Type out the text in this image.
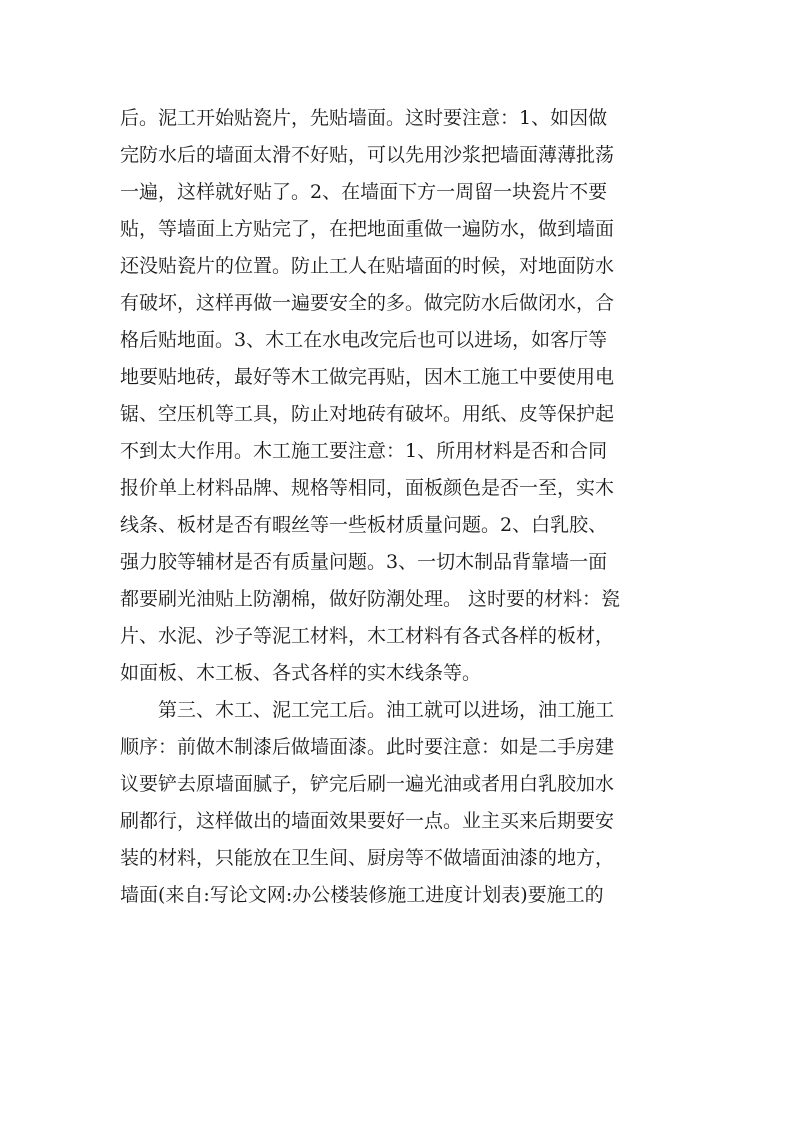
后。泥工开始贴瓷片，先贴墙面。这时要注意：1、如因做
完防水后的墙面太滑不好贴，可以先用沙浆把墙面薄薄批荡
一遍，这样就好贴了。2、在墙面下方一周留一块瓷片不要
贴，等墙面上方贴完了，在把地面重做一遍防水，做到墙面
还没贴瓷片的位置。防止工人在贴墙面的时候，对地面防水
有破坏，这样再做一遍要安全的多。做完防水后做闭水，合
格后贴地面。3、木工在水电改完后也可以进场，如客厅等
地要贴地砖，最好等木工做完再贴，因木工施工中要使用电
锯、空压机等工具，防止对地砖有破坏。用纸、皮等保护起
不到太大作用。木工施工要注意：1、所用材料是否和合同
报价单上材料品牌、规格等相同，面板颜色是否一至，实木
线条、板材是否有暇丝等一些板材质量问题。2、白乳胶、
强力胶等辅材是否有质量问题。3、一切木制品背靠墙一面
都要刷光油贴上防潮棉，做好防潮处理。 这时要的材料：瓷
片、水泥、沙子等泥工材料，木工材料有各式各样的板材，
如面板、木工板、各式各样的实木线条等。
第三、木工、泥工完工后。油工就可以进场，油工施工
顺序：前做木制漆后做墙面漆。此时要注意：如是二手房建
议要铲去原墙面腻子，铲完后刷一遍光油或者用白乳胶加水
刷都行，这样做出的墙面效果要好一点。业主买来后期要安
装的材料，只能放在卫生间、厨房等不做墙面油漆的地方，
墙面(来自:写论文网:办公楼装修施工进度计划表)要施工的
